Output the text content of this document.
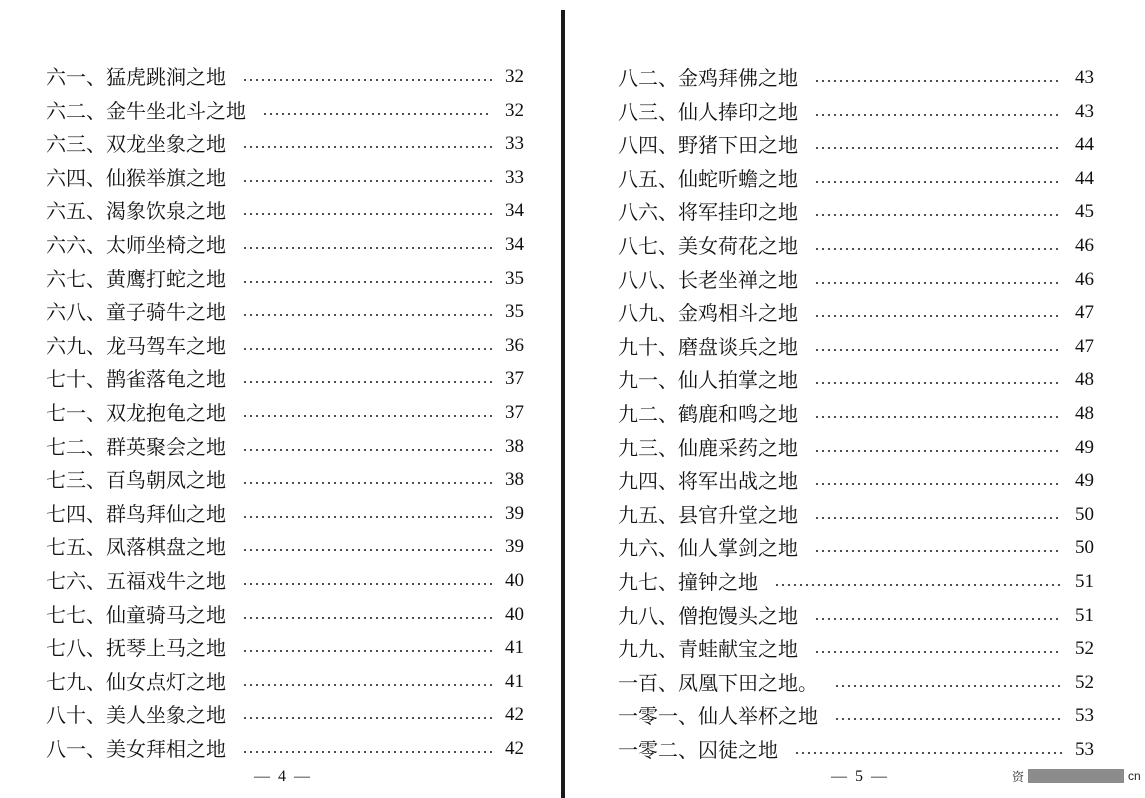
六一、猛虎跳涧之地	32
六二、金牛坐北斗之地	32
六三、双龙坐象之地	33
六四、仙猴举旗之地	33
六五、渴象饮泉之地	34
六六、太师坐椅之地	34
六七、黄鹰打蛇之地	35
六八、童子骑牛之地	35
六九、龙马驾车之地	36
七十、鹊雀落龟之地	37
七一、双龙抱龟之地	37
七二、群英聚会之地	38
七三、百鸟朝凤之地	38
七四、群鸟拜仙之地	39
七五、凤落棋盘之地	39
七六、五福戏牛之地	40
七七、仙童骑马之地	40
七八、抚琴上马之地	41
七九、仙女点灯之地	41
八十、美人坐象之地	42
八一、美女拜相之地	42
— 4 —
八二、金鸡拜佛之地	43
八三、仙人捧印之地	43
八四、野猪下田之地	44
八五、仙蛇听蟾之地	44
八六、将军挂印之地	45
八七、美女荷花之地	46
八八、长老坐禅之地	46
八九、金鸡相斗之地	47
九十、磨盘谈兵之地	47
九一、仙人拍掌之地	48
九二、鹤鹿和鸣之地	48
九三、仙鹿采药之地	49
九四、将军出战之地	49
九五、县官升堂之地	50
九六、仙人掌剑之地	50
九七、撞钟之地	51
九八、僧抱馒头之地	51
九九、青蛙献宝之地	52
一百、凤凰下田之地。	52
一零一、仙人举杯之地	53
一零二、囚徒之地	53
— 5 —	资	cn
